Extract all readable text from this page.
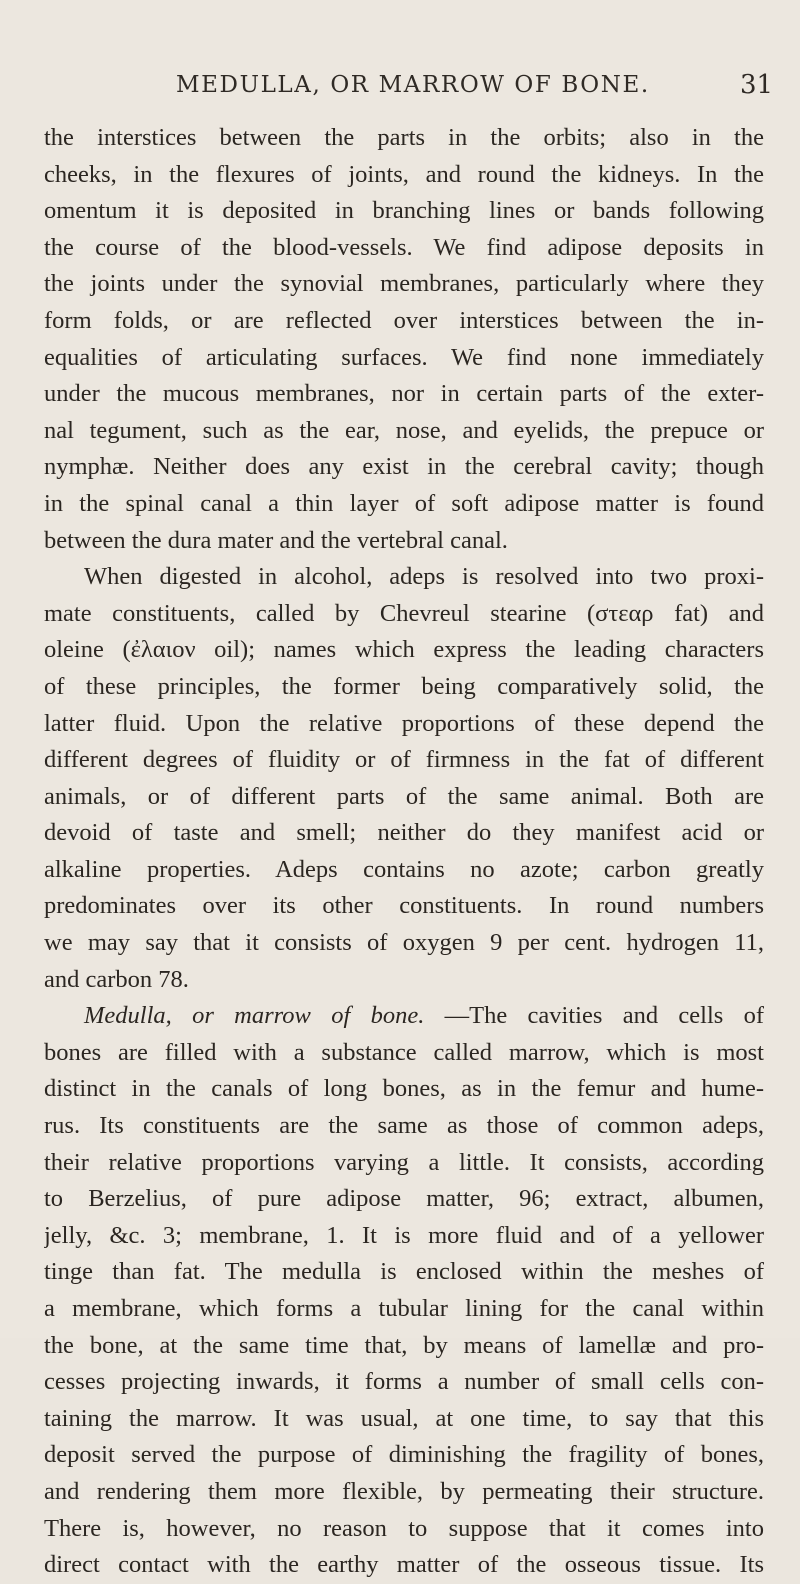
MEDULLA, OR MARROW OF BONE.	31
the interstices between the parts in the orbits; also in the
cheeks, in the flexures of joints, and round the kidneys. In the
omentum it is deposited in branching lines or bands following
the course of the blood-vessels. We find adipose deposits in
the joints under the synovial membranes, particularly where they
form folds, or are reflected over interstices between the in-
equalities of articulating surfaces. We find none immediately
under the mucous membranes, nor in certain parts of the exter-
nal tegument, such as the ear, nose, and eyelids, the prepuce or
nymphæ. Neither does any exist in the cerebral cavity; though
in the spinal canal a thin layer of soft adipose matter is found
between the dura mater and the vertebral canal.
When digested in alcohol, adeps is resolved into two proxi-
mate constituents, called by Chevreul stearine (στεαρ fat) and
oleine (ἐλαιον oil); names which express the leading characters
of these principles, the former being comparatively solid, the
latter fluid. Upon the relative proportions of these depend the
different degrees of fluidity or of firmness in the fat of different
animals, or of different parts of the same animal. Both are
devoid of taste and smell; neither do they manifest acid or
alkaline properties. Adeps contains no azote; carbon greatly
predominates over its other constituents. In round numbers
we may say that it consists of oxygen 9 per cent. hydrogen 11,
and carbon 78.
Medulla, or marrow of bone. —The cavities and cells of
bones are filled with a substance called marrow, which is most
distinct in the canals of long bones, as in the femur and hume-
rus. Its constituents are the same as those of common adeps,
their relative proportions varying a little. It consists, according
to Berzelius, of pure adipose matter, 96; extract, albumen,
jelly, &c. 3; membrane, 1. It is more fluid and of a yellower
tinge than fat. The medulla is enclosed within the meshes of
a membrane, which forms a tubular lining for the canal within
the bone, at the same time that, by means of lamellæ and pro-
cesses projecting inwards, it forms a number of small cells con-
taining the marrow. It was usual, at one time, to say that this
deposit served the purpose of diminishing the fragility of bones,
and rendering them more flexible, by permeating their structure.
There is, however, no reason to suppose that it comes into
direct contact with the earthy matter of the osseous tissue. Its
